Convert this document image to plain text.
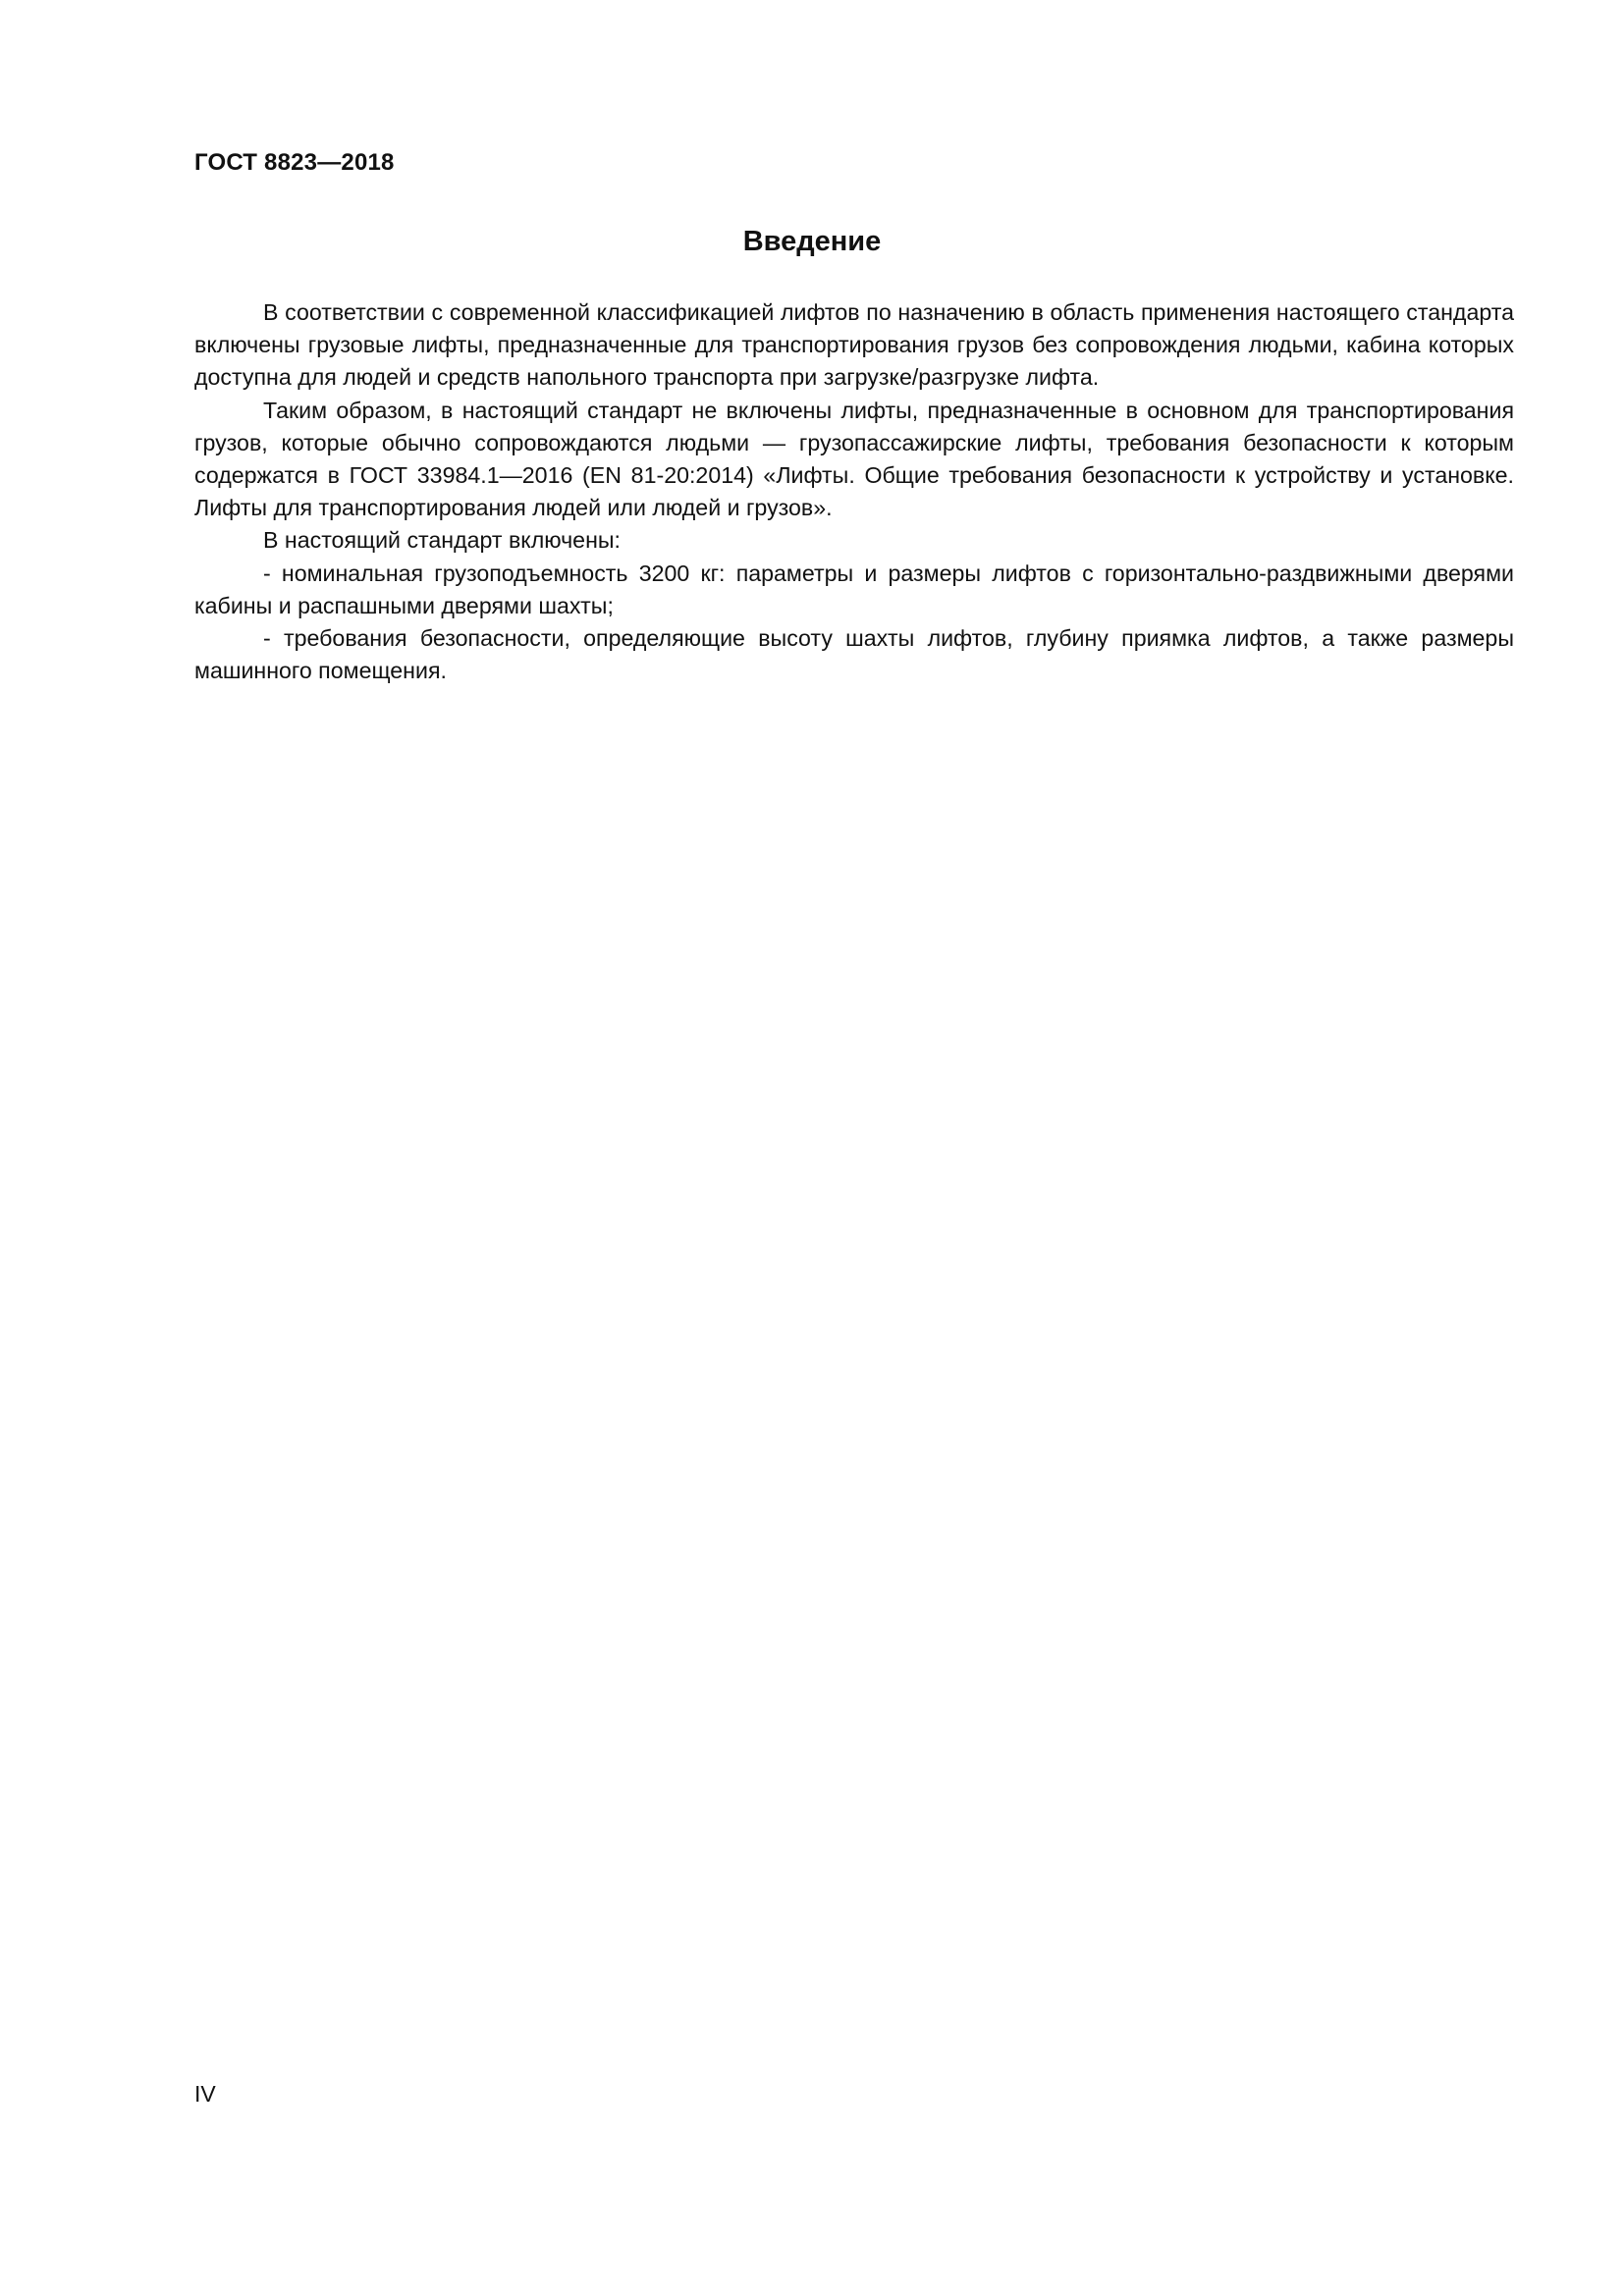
ГОСТ 8823—2018
Введение

В соответствии с современной классификацией лифтов по назначению в область применения настоящего стандарта включены грузовые лифты, предназначенные для транспортирования грузов без сопровождения людьми, кабина которых доступна для людей и средств напольного транспорта при загрузке/разгрузке лифта.

Таким образом, в настоящий стандарт не включены лифты, предназначенные в основном для транспортирования грузов, которые обычно сопровождаются людьми — грузопассажирские лифты, требования безопасности к которым содержатся в ГОСТ 33984.1—2016 (EN 81-20:2014) «Лифты. Общие требования безопасности к устройству и установке. Лифты для транспортирования людей или людей и грузов».

В настоящий стандарт включены:

- номинальная грузоподъемность 3200 кг: параметры и размеры лифтов с горизонтально-раздвижными дверями кабины и распашными дверями шахты;

- требования безопасности, определяющие высоту шахты лифтов, глубину приямка лифтов, а также размеры машинного помещения.

IV
